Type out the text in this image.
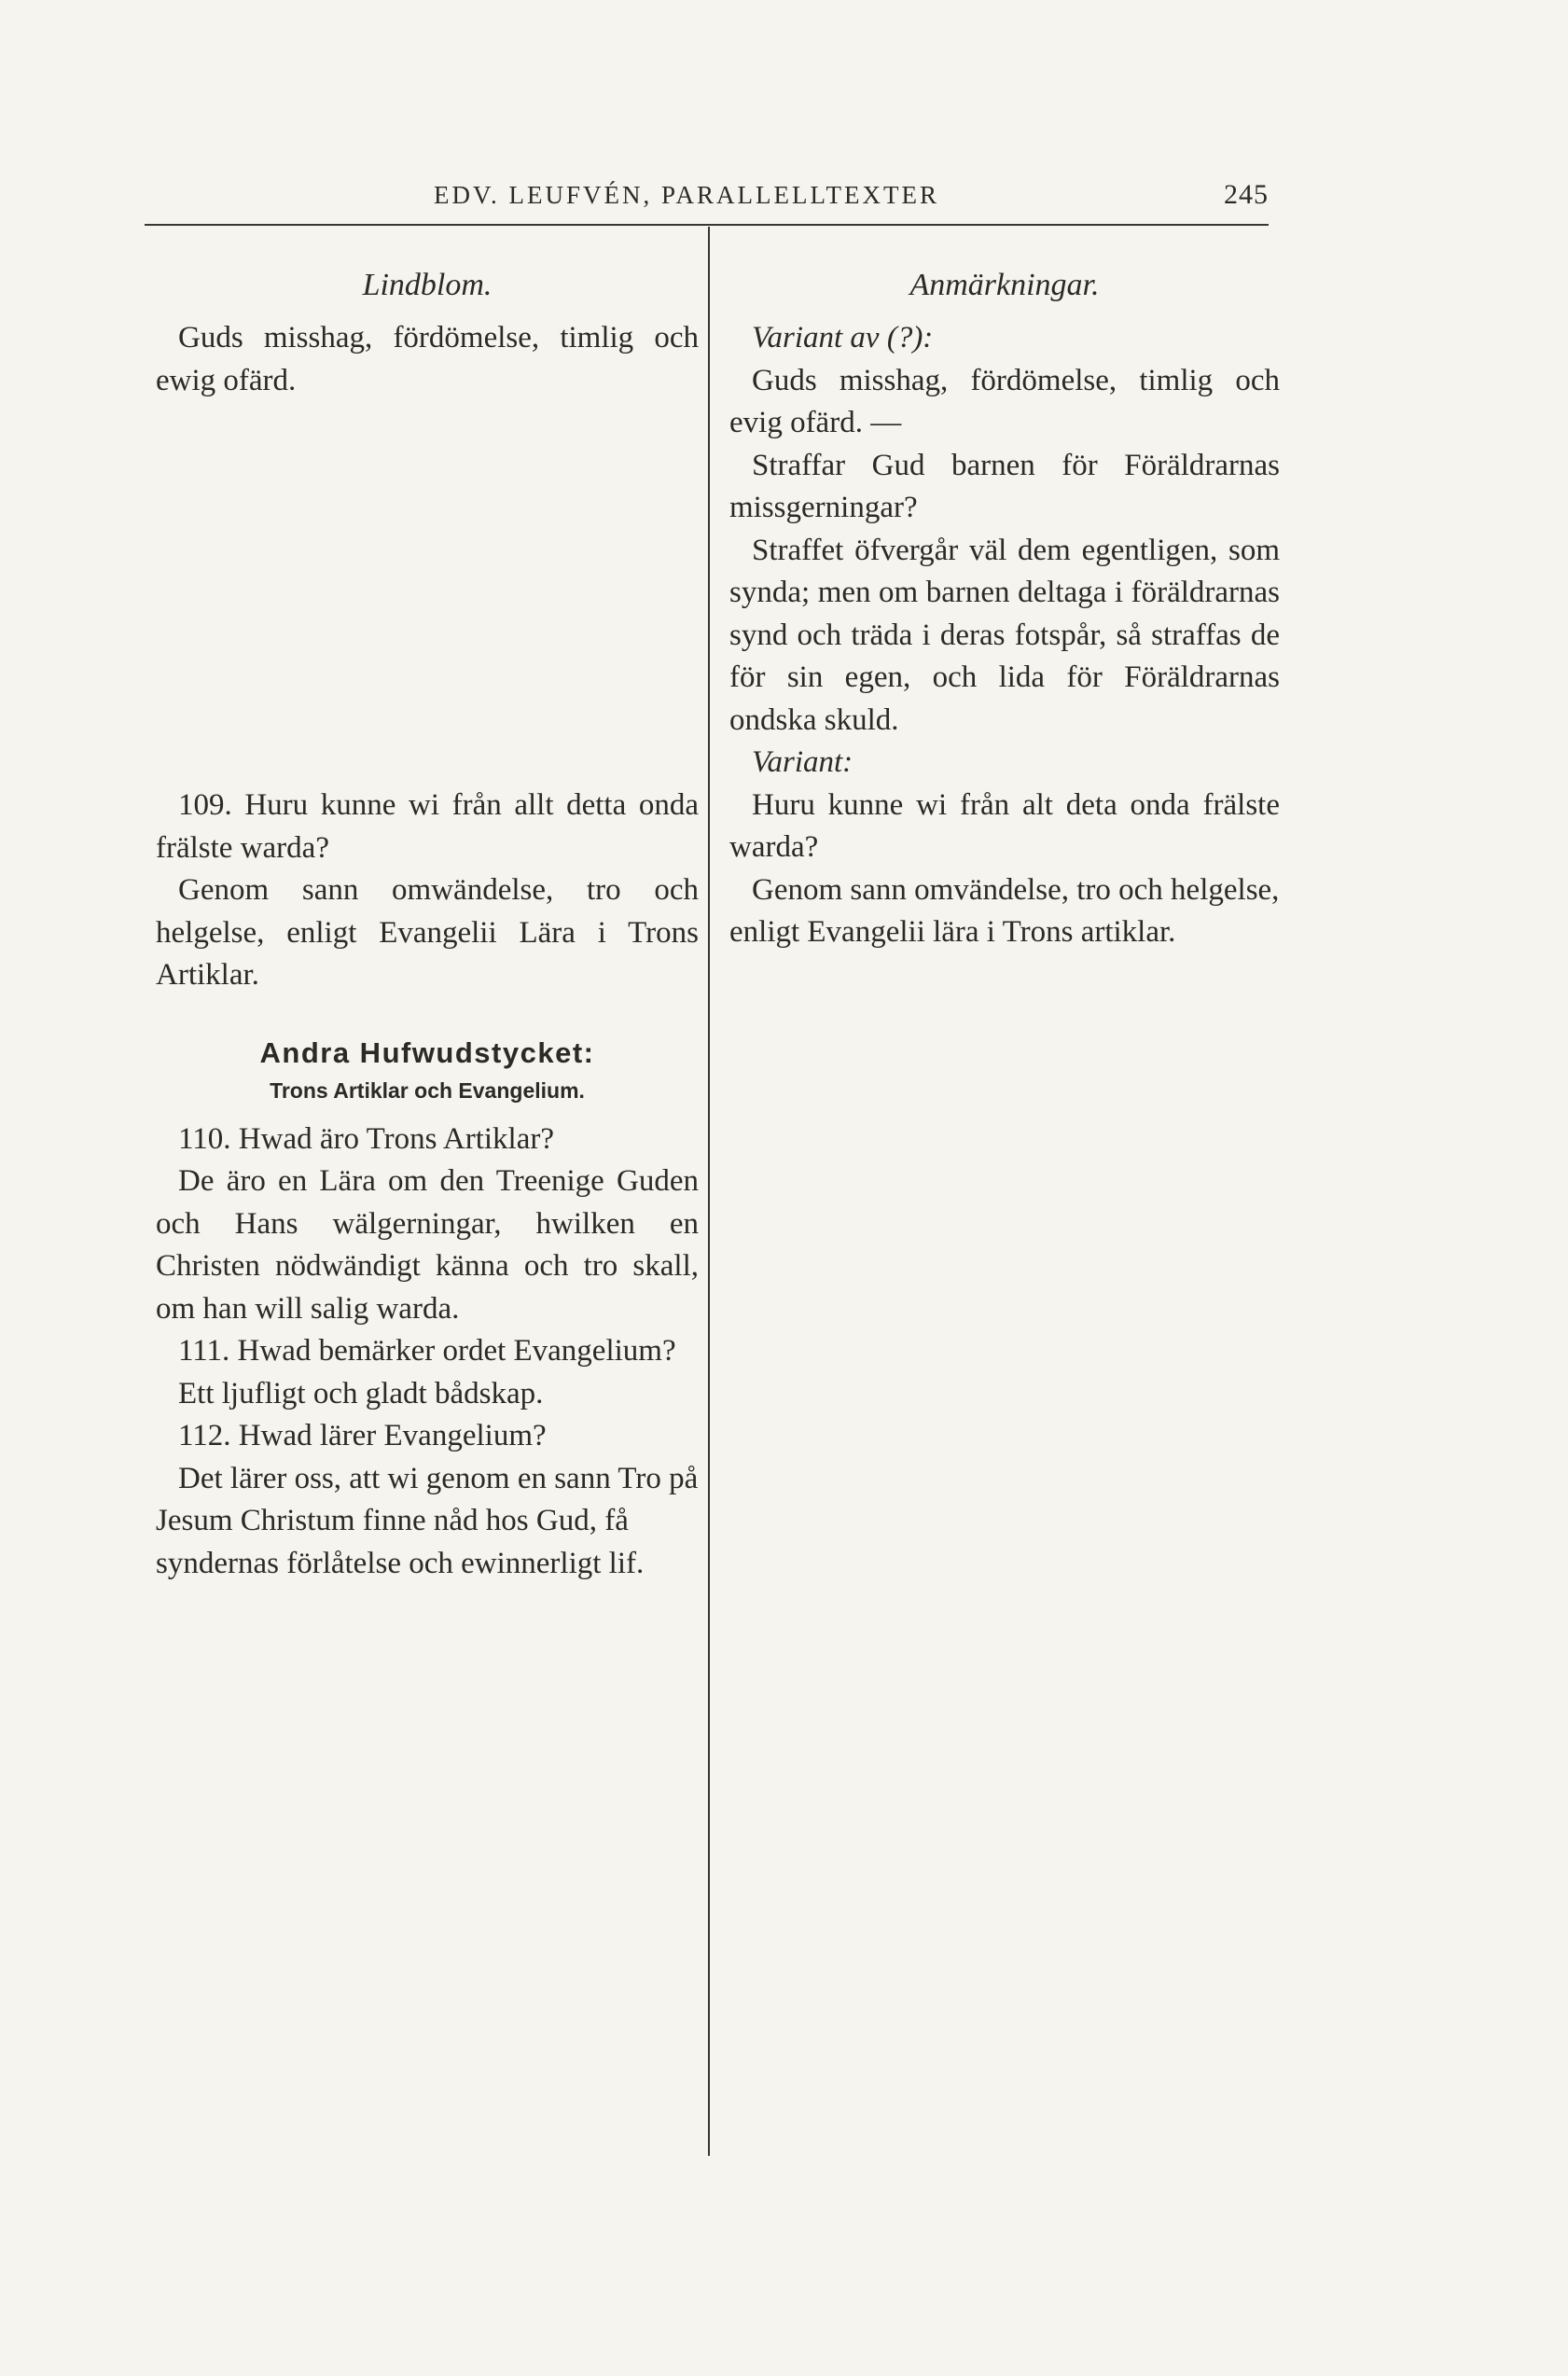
EDV. LEUFVÉN, PARALLELLTEXTER	245
Lindblom.
Guds misshag, fördömelse, timlig och ewig ofärd.
109. Huru kunne wi från allt detta onda frälste warda?
Genom sann omwändelse, tro och helgelse, enligt Evangelii Lära i Trons Artiklar.
Andra Hufwudstycket:
Trons Artiklar och Evangelium.
110. Hwad äro Trons Artiklar?
De äro en Lära om den Treenige Guden och Hans wälgerningar, hwilken en Christen nödwändigt känna och tro skall, om han will salig warda.
111. Hwad bemärker ordet Evangelium?
Ett ljufligt och gladt bådskap.
112. Hwad lärer Evangelium?
Det lärer oss, att wi genom en sann Tro på Jesum Christum finne nåd hos Gud, få syndernas förlåtelse och ewinnerligt lif.
Anmärkningar.
Variant av (?):
Guds misshag, fördömelse, timlig och evig ofärd. —
Straffar Gud barnen för Föräldrarnas missgerningar?
Straffet öfvergår väl dem egentligen, som synda; men om barnen deltaga i föräldrarnas synd och träda i deras fotspår, så straffas de för sin egen, och lida för Föräldrarnas ondska skuld.
Variant:
Huru kunne wi från alt deta onda frälste warda?
Genom sann omvändelse, tro och helgelse, enligt Evangelii lära i Trons artiklar.
